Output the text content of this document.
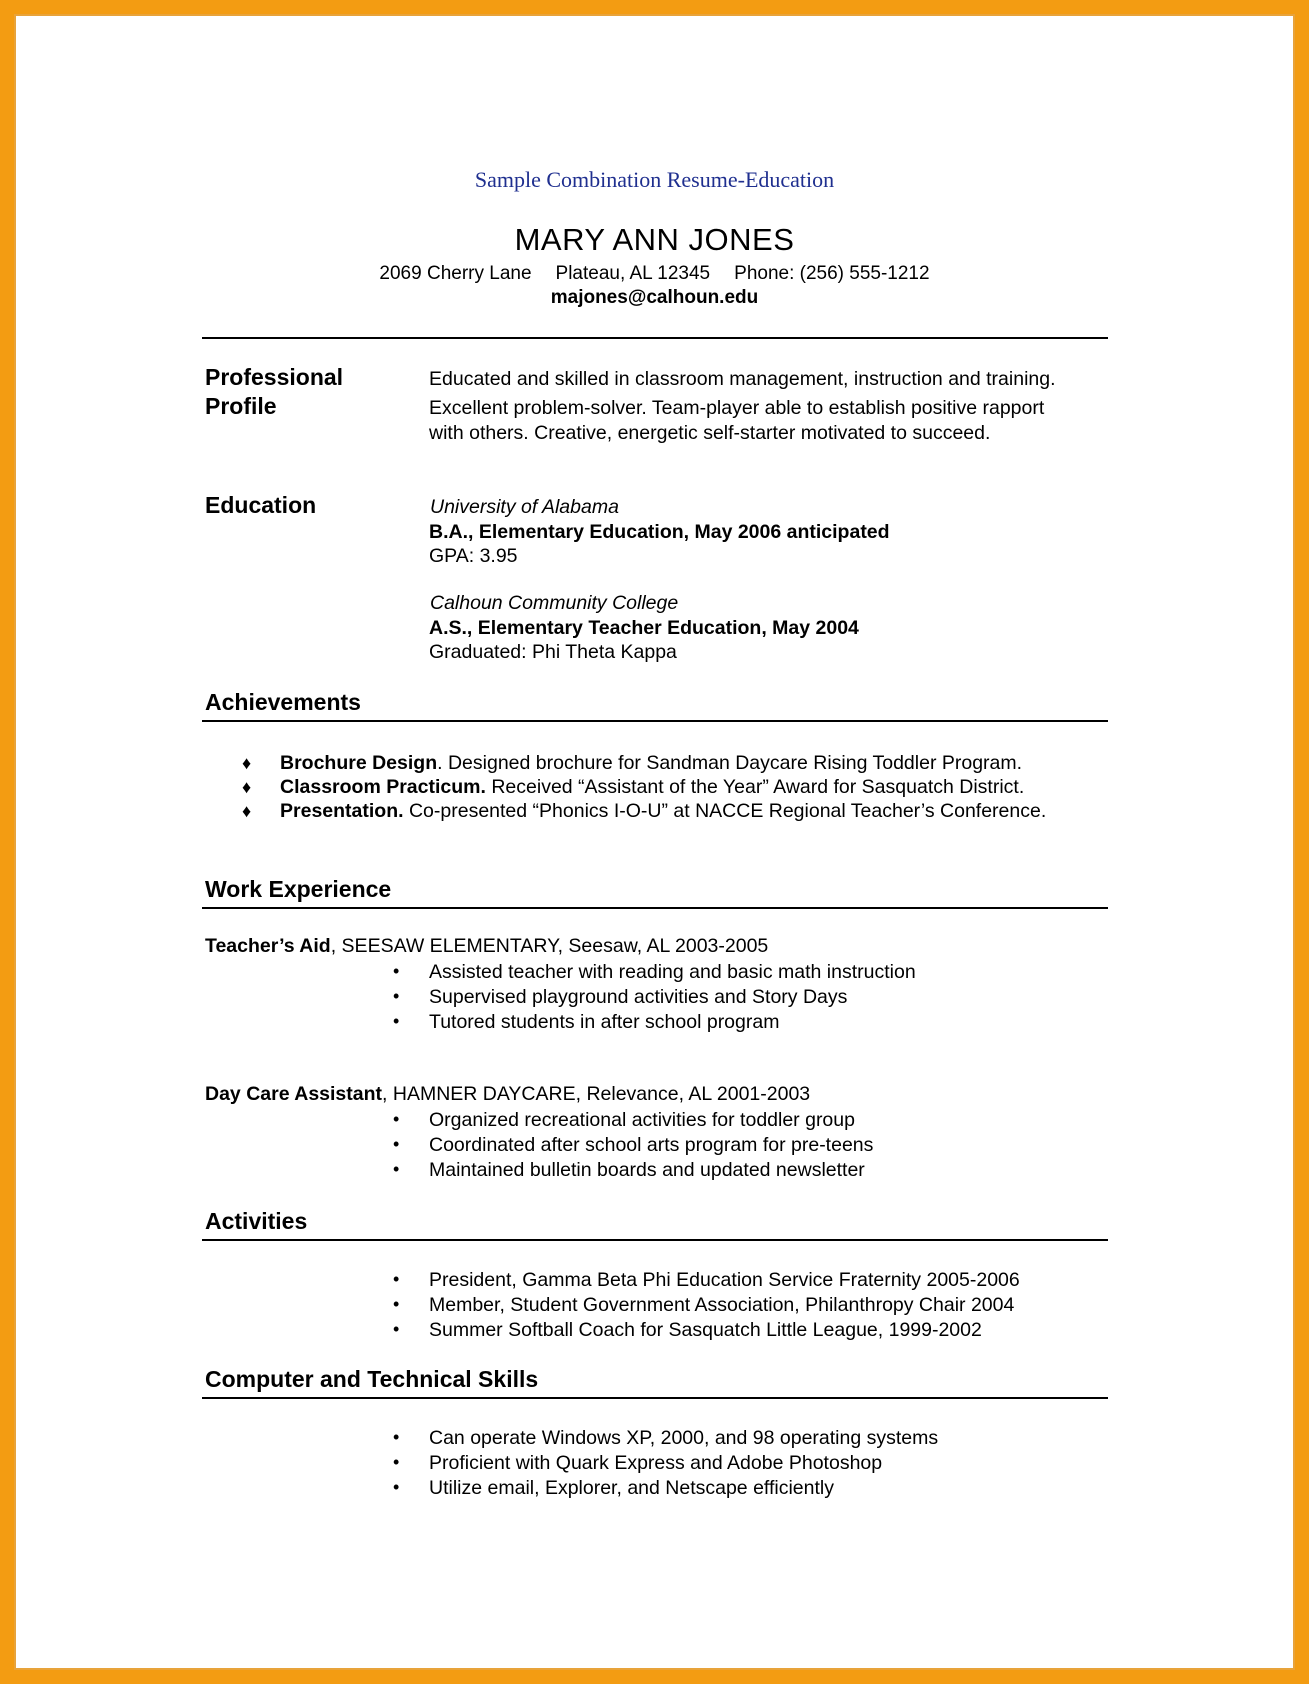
Sample Combination Resume-Education
MARY ANN JONES
2069 Cherry Lane Plateau, AL 12345 Phone: (256) 555-1212
majones@calhoun.edu
Professional
Profile
Educated and skilled in classroom management, instruction and training.
Excellent problem-solver. Team-player able to establish positive rapport
with others. Creative, energetic self-starter motivated to succeed.
Education	University of Alabama
B.A., Elementary Education, May 2006 anticipated
GPA: 3.95
Calhoun Community College
A.S., Elementary Teacher Education, May 2004
Graduated: Phi Theta Kappa
Achievements
♦ Brochure Design. Designed brochure for Sandman Daycare Rising Toddler Program.
♦ Classroom Practicum. Received “Assistant of the Year” Award for Sasquatch District.
♦ Presentation. Co-presented “Phonics I-O-U” at NACCE Regional Teacher’s Conference.
Work Experience
Teacher’s Aid, SEESAW ELEMENTARY, Seesaw, AL 2003-2005
• Assisted teacher with reading and basic math instruction
• Supervised playground activities and Story Days
• Tutored students in after school program
Day Care Assistant, HAMNER DAYCARE, Relevance, AL 2001-2003
• Organized recreational activities for toddler group
• Coordinated after school arts program for pre-teens
• Maintained bulletin boards and updated newsletter
Activities
• President, Gamma Beta Phi Education Service Fraternity 2005-2006
• Member, Student Government Association, Philanthropy Chair 2004
• Summer Softball Coach for Sasquatch Little League, 1999-2002
Computer and Technical Skills
• Can operate Windows XP, 2000, and 98 operating systems
• Proficient with Quark Express and Adobe Photoshop
• Utilize email, Explorer, and Netscape efficiently
